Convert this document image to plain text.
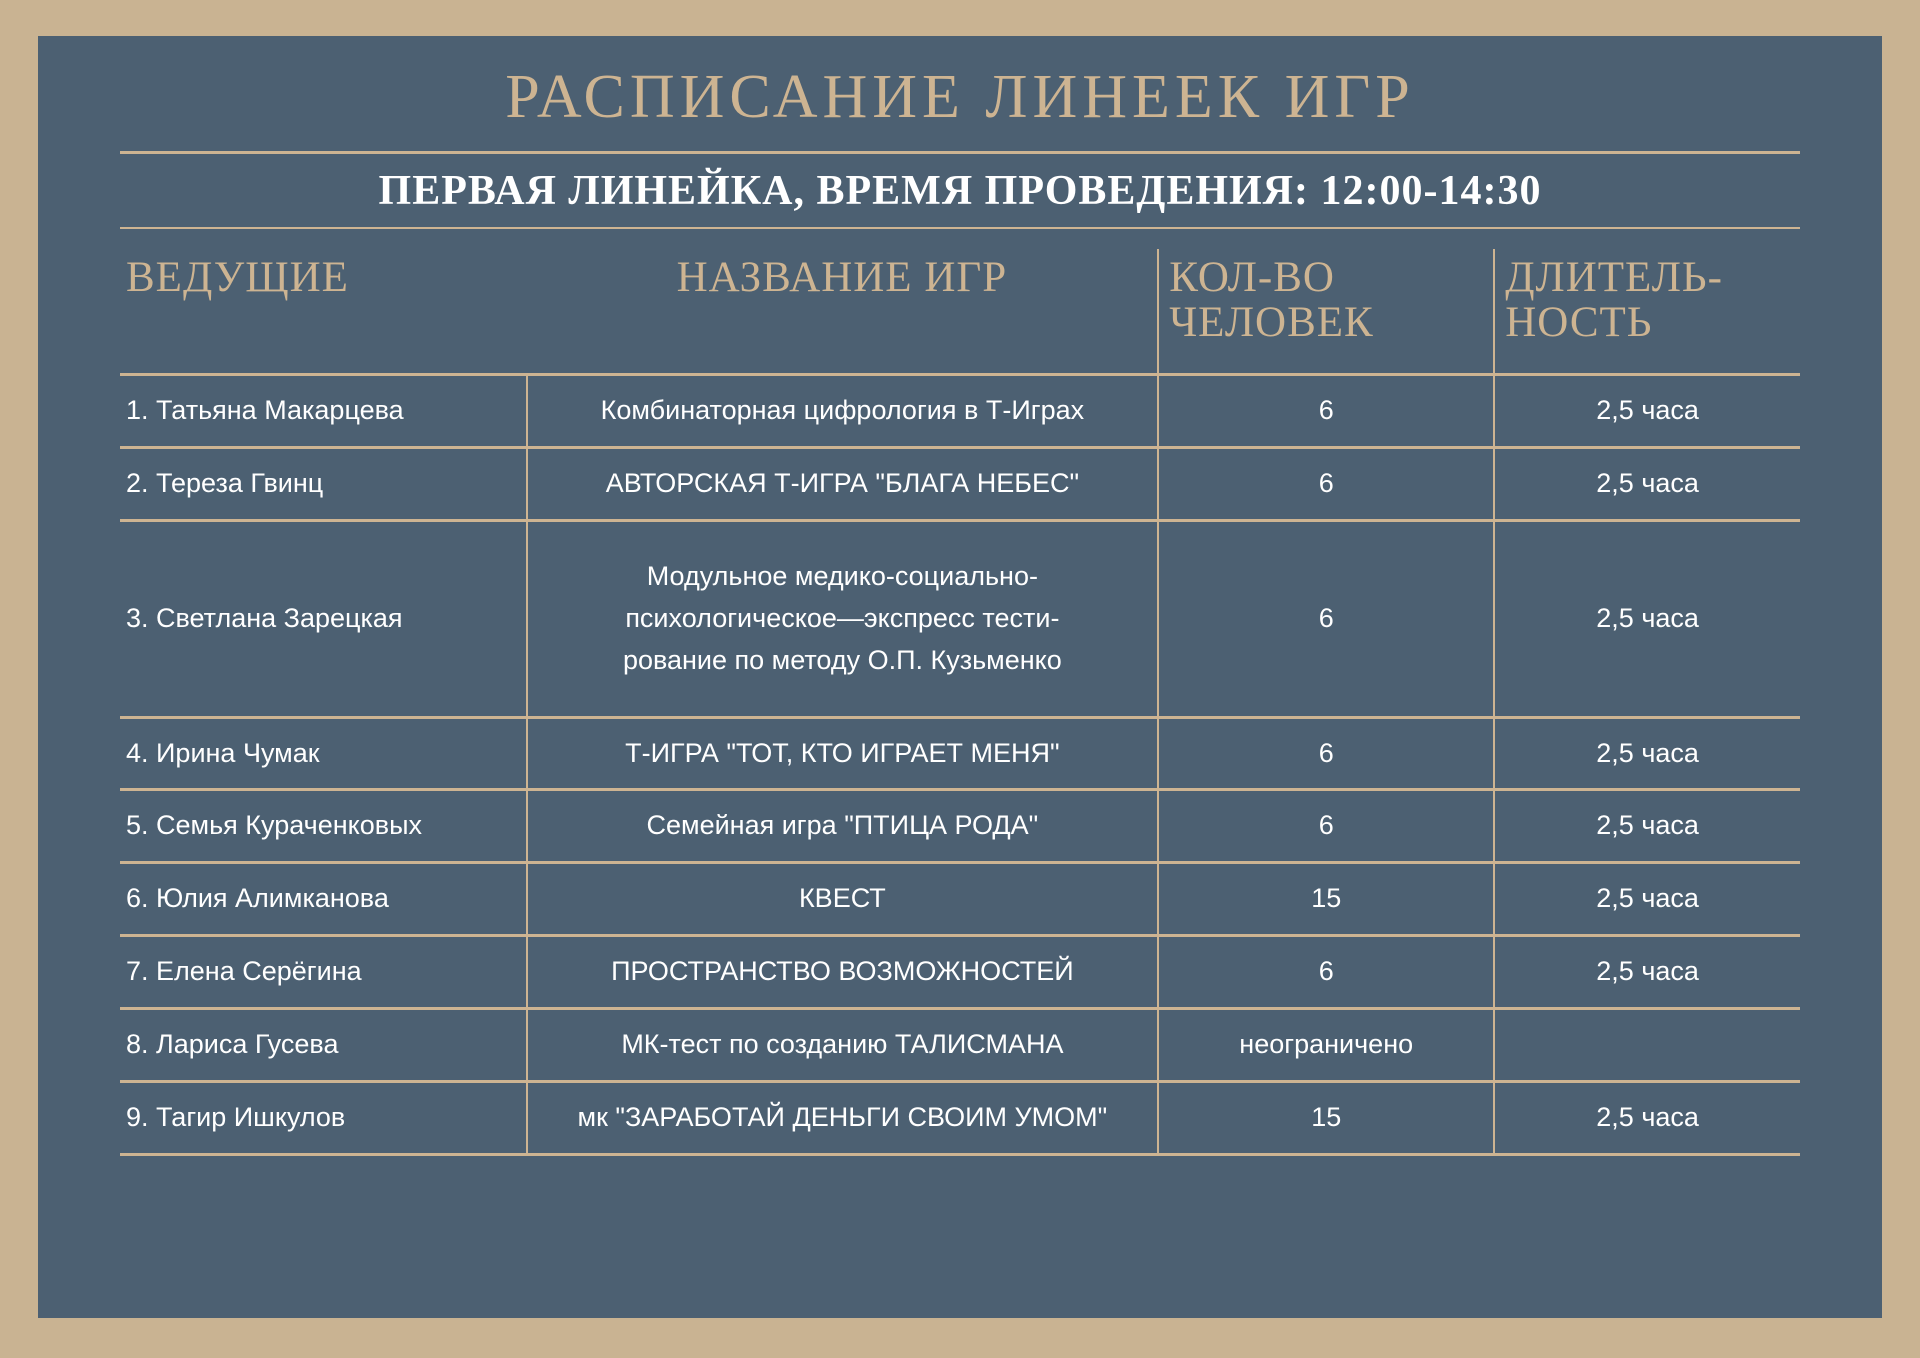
РАСПИСАНИЕ ЛИНЕЕК ИГР
ПЕРВАЯ ЛИНЕЙКА, ВРЕМЯ ПРОВЕДЕНИЯ: 12:00-14:30
ВЕДУЩИЕ	НАЗВАНИЕ ИГР	КОЛ-ВО ЧЕЛОВЕК	ДЛИТЕЛЬ- НОСТЬ
1. Татьяна Макарцева	Комбинаторная цифрология в Т-Играх	6	2,5 часа
2. Тереза Гвинц	АВТОРСКАЯ Т-ИГРА "БЛАГА НЕБЕС"	6	2,5 часа
3. Светлана Зарецкая	Модульное медико-социально-
психологическое—экспресс тести-
рование по методу О.П. Кузьменко	6	2,5 часа
4. Ирина Чумак	Т-ИГРА "ТОТ, КТО ИГРАЕТ МЕНЯ"	6	2,5 часа
5. Семья Кураченковых	Семейная игра "ПТИЦА РОДА"	6	2,5 часа
6. Юлия Алимканова	КВЕСТ	15	2,5 часа
7. Елена Серёгина	ПРОСТРАНСТВО ВОЗМОЖНОСТЕЙ	6	2,5 часа
8. Лариса Гусева	МК-тест по созданию ТАЛИСМАНА	неограничено	
9. Тагир Ишкулов	мк "ЗАРАБОТАЙ ДЕНЬГИ СВОИМ УМОМ"	15	2,5 часа
